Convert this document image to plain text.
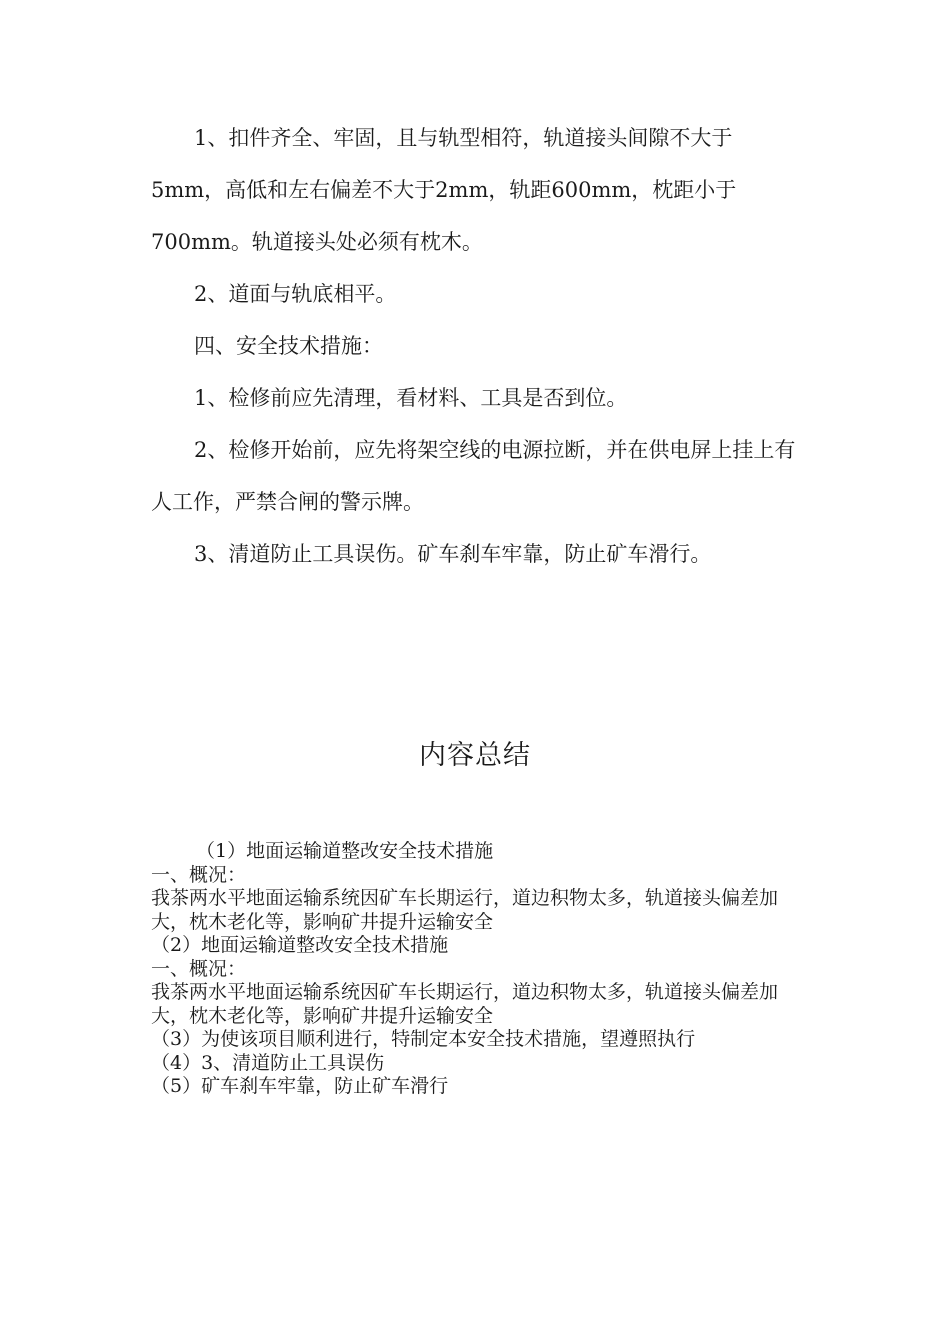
1、扣件齐全、牢固，且与轨型相符，轨道接头间隙不大于5mm，高低和左右偏差不大于2mm，轨距600mm，枕距小于700mm。轨道接头处必须有枕木。

2、道面与轨底相平。

四、安全技术措施：

1、检修前应先清理，看材料、工具是否到位。

2、检修开始前，应先将架空线的电源拉断，并在供电屏上挂上有人工作，严禁合闸的警示牌。

3、清道防止工具误伤。矿车刹车牢靠，防止矿车滑行。

内容总结

（1）地面运输道整改安全技术措施

一、概况：

我茶两水平地面运输系统因矿车长期运行，道边积物太多，轨道接头偏差加大，枕木老化等，影响矿井提升运输安全

（2）地面运输道整改安全技术措施

一、概况：

我茶两水平地面运输系统因矿车长期运行，道边积物太多，轨道接头偏差加大，枕木老化等，影响矿井提升运输安全

（3）为使该项目顺利进行，特制定本安全技术措施，望遵照执行

（4）3、清道防止工具误伤

（5）矿车刹车牢靠，防止矿车滑行
